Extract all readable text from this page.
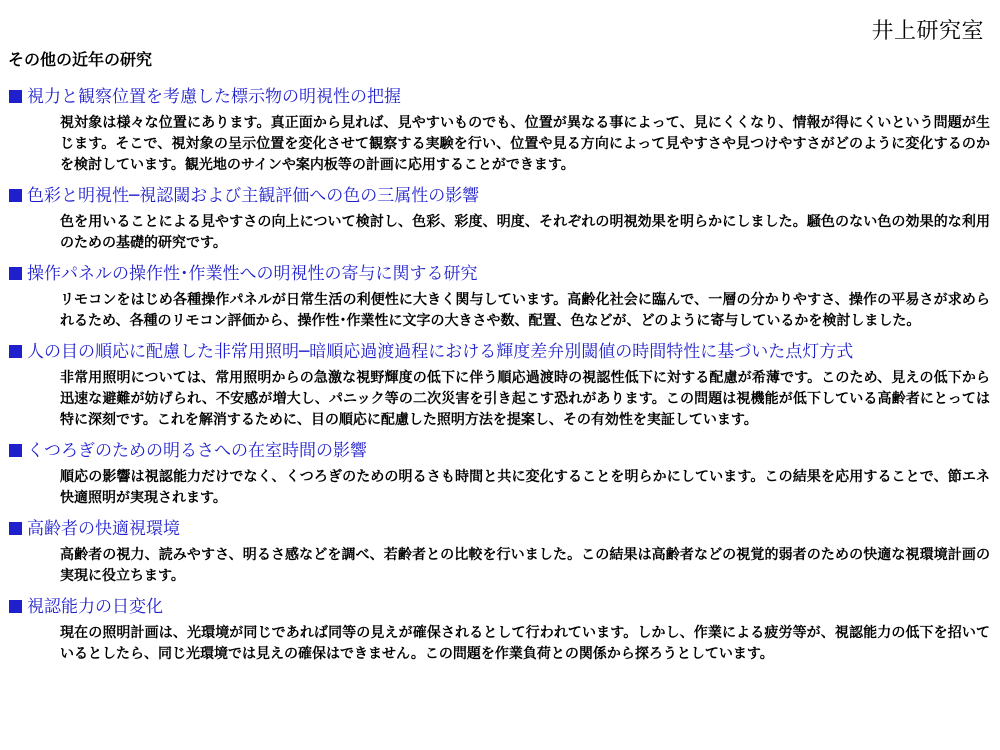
井上研究室
その他の近年の研究
視力と観察位置を考慮した標示物の明視性の把握
視対象は様々な位置にあります。真正面から見れば、見やすいものでも、位置が異なる事によって、見にくくなり、情報が得にくいという問題が生じます。そこで、視対象の呈示位置を変化させて観察する実験を行い、位置や見る方向によって見やすさや見つけやすさがどのように変化するのかを検討しています。観光地のサインや案内板等の計画に応用することができます。
色彩と明視性─視認閾および主観評価への色の三属性の影響
色を用いることによる見やすさの向上について検討し、色彩、彩度、明度、それぞれの明視効果を明らかにしました。騒色のない色の効果的な利用のための基礎的研究です。
操作パネルの操作性･作業性への明視性の寄与に関する研究
リモコンをはじめ各種操作パネルが日常生活の利便性に大きく関与しています。高齢化社会に臨んで、一層の分かりやすさ、操作の平易さが求められるため、各種のリモコン評価から、操作性･作業性に文字の大きさや数、配置、色などが、どのように寄与しているかを検討しました。
人の目の順応に配慮した非常用照明─暗順応過渡過程における輝度差弁別閾値の時間特性に基づいた点灯方式
非常用照明については、常用照明からの急激な視野輝度の低下に伴う順応過渡時の視認性低下に対する配慮が希薄です。このため、見えの低下から迅速な避難が妨げられ、不安感が増大し、パニック等の二次災害を引き起こす恐れがあります。この問題は視機能が低下している高齢者にとっては特に深刻です。これを解消するために、目の順応に配慮した照明方法を提案し、その有効性を実証しています。
くつろぎのための明るさへの在室時間の影響
順応の影響は視認能力だけでなく、くつろぎのための明るさも時間と共に変化することを明らかにしています。この結果を応用することで、節エネ快適照明が実現されます。
高齢者の快適視環境
高齢者の視力、読みやすさ、明るさ感などを調べ、若齢者との比較を行いました。この結果は高齢者などの視覚的弱者のための快適な視環境計画の実現に役立ちます。
視認能力の日変化
現在の照明計画は、光環境が同じであれば同等の見えが確保されるとして行われています。しかし、作業による疲労等が、視認能力の低下を招いているとしたら、同じ光環境では見えの確保はできません。この問題を作業負荷との関係から探ろうとしています。
